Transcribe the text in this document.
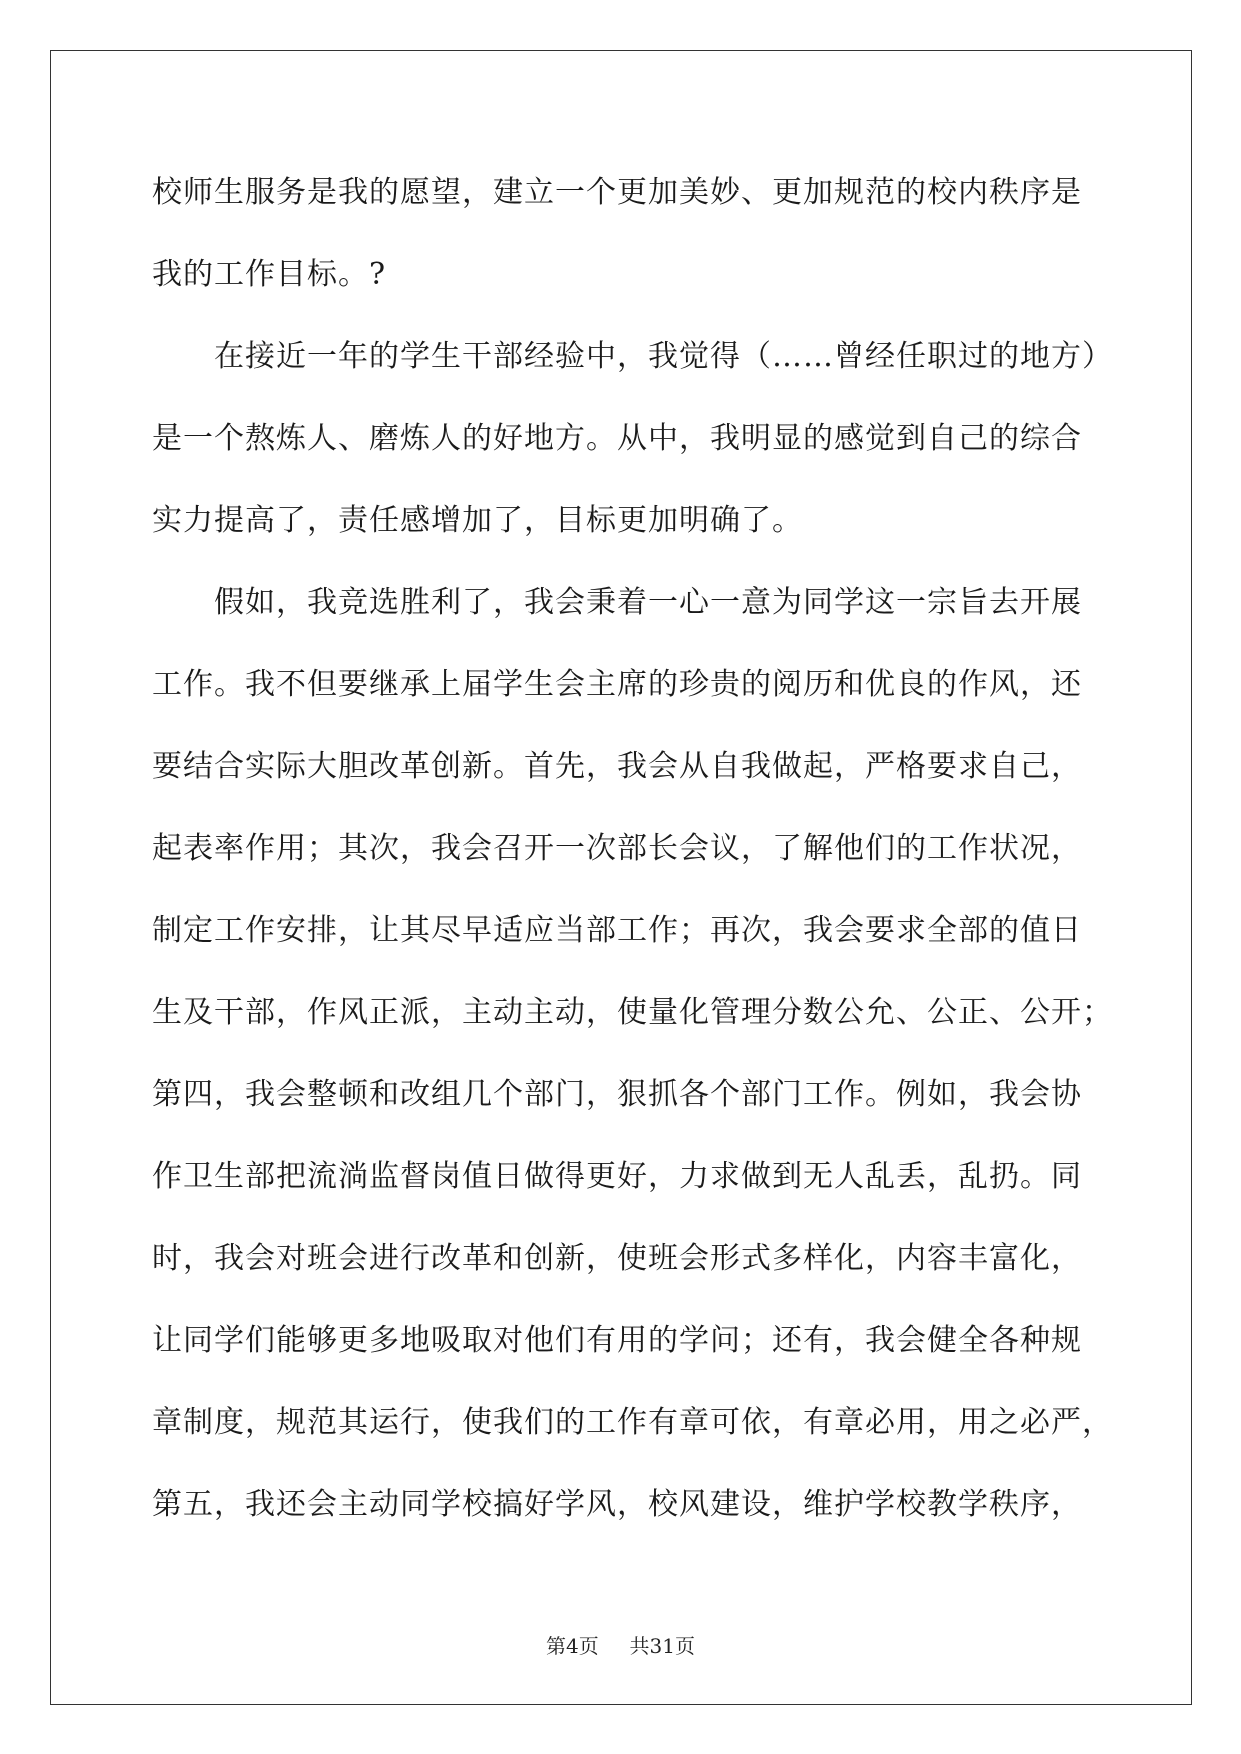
校师生服务是我的愿望，建立一个更加美妙、更加规范的校内秩序是
我的工作目标。?
在接近一年的学生干部经验中，我觉得（……曾经任职过的地方）
是一个熬炼人、磨炼人的好地方。从中，我明显的感觉到自己的综合
实力提高了，责任感增加了，目标更加明确了。
假如，我竞选胜利了，我会秉着一心一意为同学这一宗旨去开展
工作。我不但要继承上届学生会主席的珍贵的阅历和优良的作风，还
要结合实际大胆改革创新。首先，我会从自我做起，严格要求自己，
起表率作用；其次，我会召开一次部长会议，了解他们的工作状况，
制定工作安排，让其尽早适应当部工作；再次，我会要求全部的值日
生及干部，作风正派，主动主动，使量化管理分数公允、公正、公开；
第四，我会整顿和改组几个部门，狠抓各个部门工作。例如，我会协
作卫生部把流淌监督岗值日做得更好，力求做到无人乱丢，乱扔。同
时，我会对班会进行改革和创新，使班会形式多样化，内容丰富化，
让同学们能够更多地吸取对他们有用的学问；还有，我会健全各种规
章制度，规范其运行，使我们的工作有章可依，有章必用，用之必严，
第五，我还会主动同学校搞好学风，校风建设，维护学校教学秩序，
第4页 共31页
